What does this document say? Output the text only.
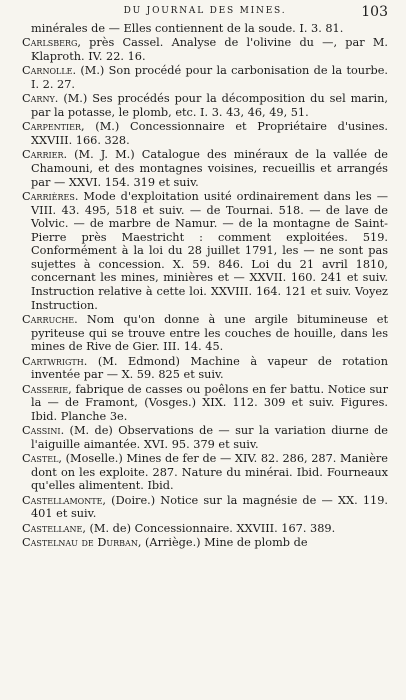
DU JOURNAL DES MINES.	103

minérales de — Elles contiennent de la soude. I. 3. 81.

Carlsberg, près Cassel. Analyse de l'olivine du —, par M. Klaproth. IV. 22. 16.

Carnolle. (M.) Son procédé pour la carbonisation de la tourbe. I. 2. 27.

Carny. (M.) Ses procédés pour la décomposition du sel marin, par la potasse, le plomb, etc. I. 3. 43, 46, 49, 51.

Carpentier, (M.) Concessionnaire et Propriétaire d'usines. XXVIII. 166. 328.

Carrier. (M. J. M.) Catalogue des minéraux de la vallée de Chamouni, et des montagnes voisines, recueillis et arrangés par — XXVI. 154. 319 et suiv.

Carrières. Mode d'exploitation usité ordinairement dans les — VIII. 43. 495, 518 et suiv. — de Tournai. 518. — de lave de Volvic. — de marbre de Namur. — de la montagne de Saint-Pierre près Maestricht : comment exploitées. 519. Conformément à la loi du 28 juillet 1791, les — ne sont pas sujettes à concession. X. 59. 846. Loi du 21 avril 1810, concernant les mines, minières et — XXVII. 160. 241 et suiv. Instruction relative à cette loi. XXVIII. 164. 121 et suiv. Voyez Instruction.

Carruche. Nom qu'on donne à une argile bitumineuse et pyriteuse qui se trouve entre les couches de houille, dans les mines de Rive de Gier. III. 14. 45.

Cartwrigth. (M. Edmond) Machine à vapeur de rotation inventée par — X. 59. 825 et suiv.

Casserie, fabrique de casses ou poêlons en fer battu. Notice sur la — de Framont, (Vosges.) XIX. 112. 309 et suiv. Figures. Ibid. Planche 3e.

Cassini. (M. de) Observations de — sur la variation diurne de l'aiguille aimantée. XVI. 95. 379 et suiv.

Castel, (Moselle.) Mines de fer de — XIV. 82. 286, 287. Manière dont on les exploite. 287. Nature du minérai. Ibid. Fourneaux qu'elles alimentent. Ibid.

Castellamonte, (Doire.) Notice sur la magnésie de — XX. 119. 401 et suiv.

Castellane, (M. de) Concessionnaire. XXVIII. 167. 389.

Castelnau de Durban, (Arriège.) Mine de plomb de
